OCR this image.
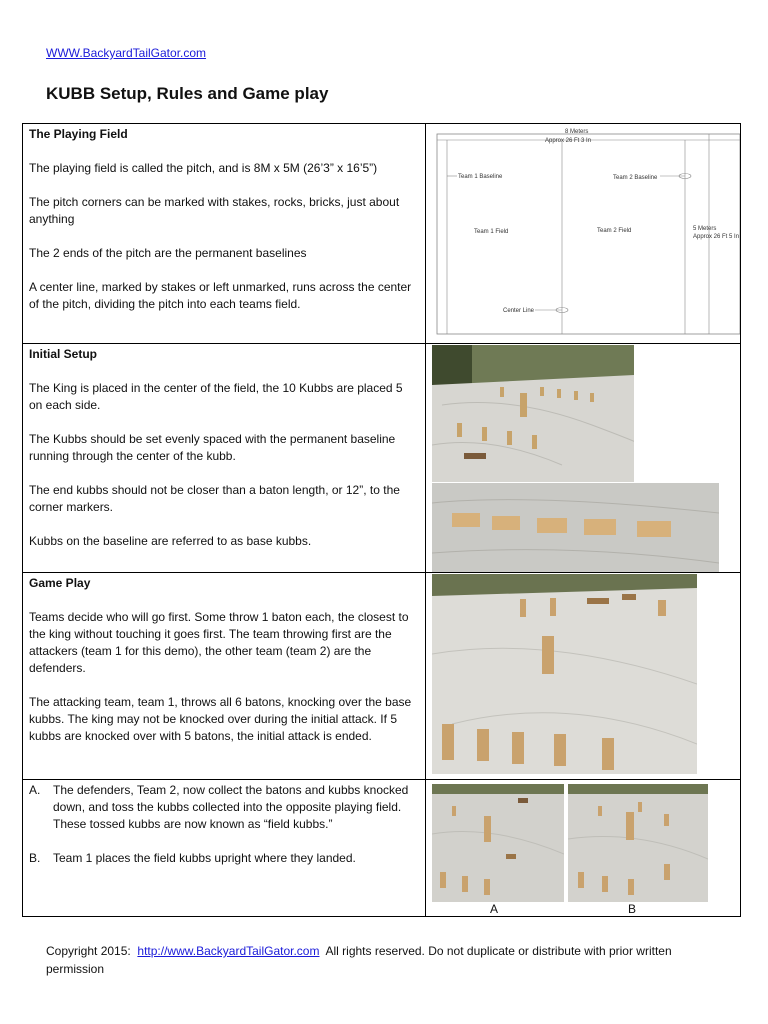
WWW.BackyardTailGator.com
KUBB Setup, Rules and Game play
The Playing Field

The playing field is called the pitch, and is 8M x 5M (26’3” x 16’5”)

The pitch corners can be marked with stakes, rocks, bricks, just about anything

The 2 ends of the pitch are the permanent baselines

A center line, marked by stakes or left unmarked, runs across the center of the pitch, dividing the pitch into each teams field.

8 Meters
Approx 26 Ft 3 In
Team 1 Baseline	Team 2 Baseline
Team 1 Field	Team 2 Field	5 Meters
Approx 26 Ft 5 In
Center Line
Initial Setup

The King is placed in the center of the field, the 10 Kubbs are placed 5 on each side.

The Kubbs should be set evenly spaced with the permanent baseline running through the center of the kubb.

The end kubbs should not be closer than a baton length, or 12”, to the corner markers.

Kubbs on the baseline are referred to as base kubbs.

Game Play

Teams decide who will go first. Some throw 1 baton each, the closest to the king without touching it goes first. The team throwing first are the attackers (team 1 for this demo), the other team (team 2) are the defenders.

The attacking team, team 1, throws all 6 batons, knocking over the base kubbs. The king may not be knocked over during the initial attack. If 5 kubbs are knocked over with 5 batons, the initial attack is ended.

A. The defenders, Team 2, now collect the batons and kubbs knocked down, and toss the kubbs collected into the opposite playing field. These tossed kubbs are now known as “field kubbs.”
B. Team 1 places the field kubbs upright where they landed.
A	B
Copyright 2015: http://www.BackyardTailGator.com All rights reserved. Do not duplicate or distribute with prior written permission
